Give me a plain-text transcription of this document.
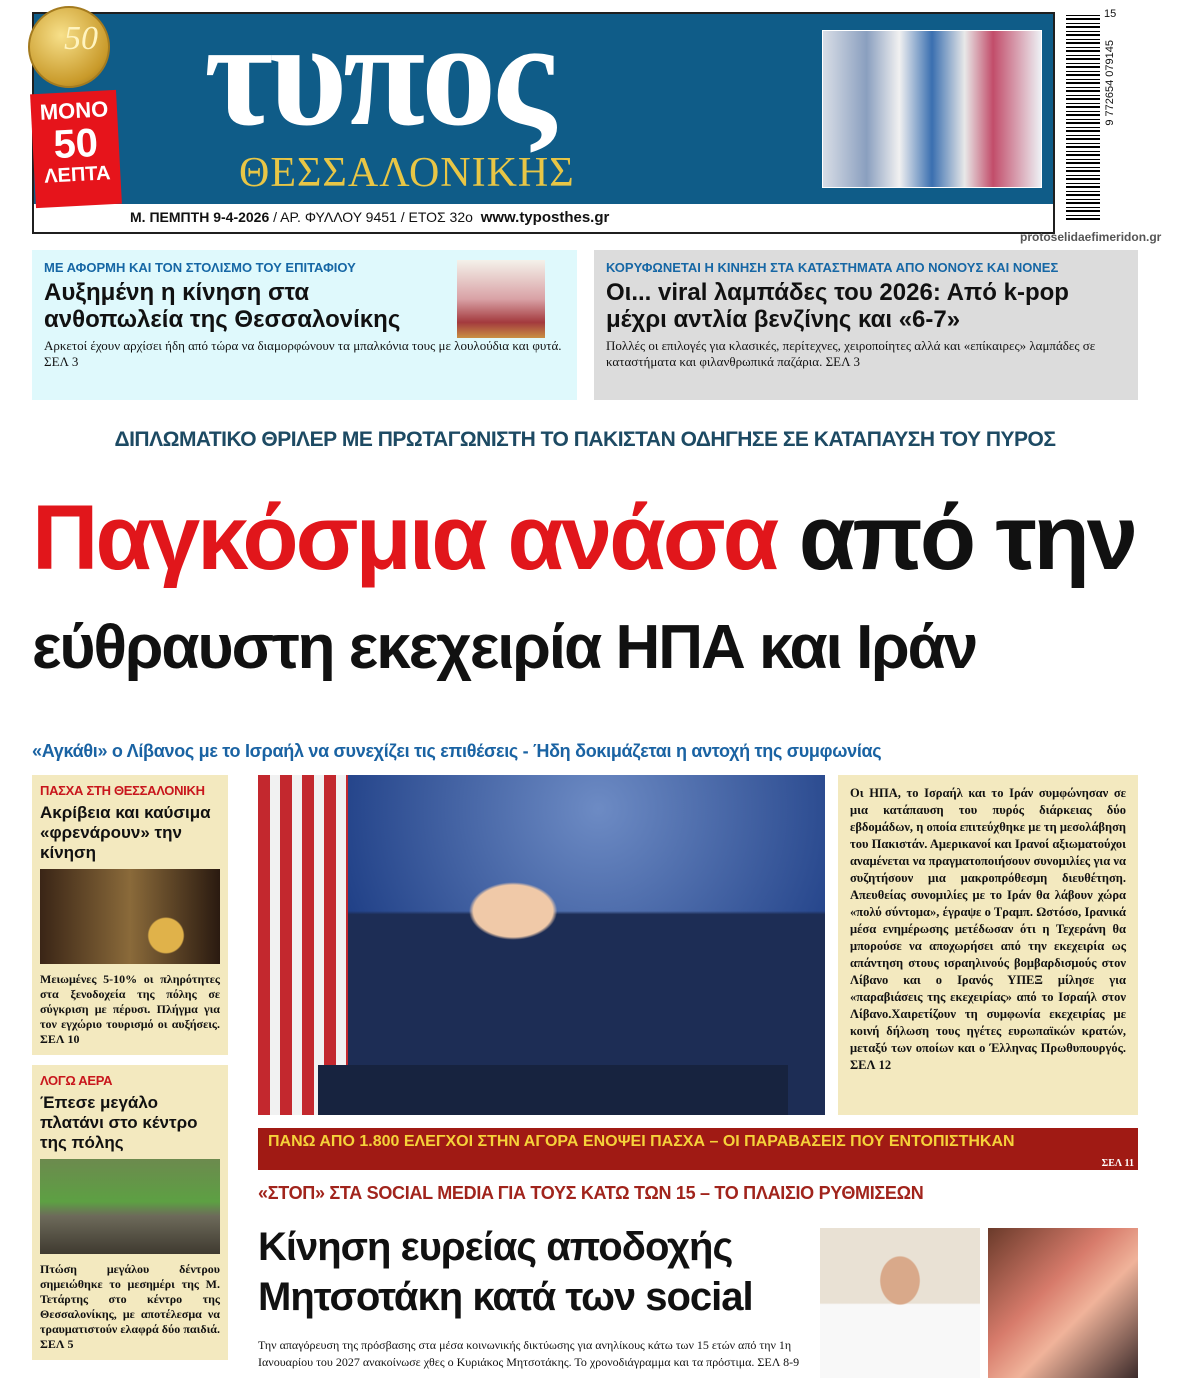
τυπος
ΘΕΣΣΑΛΟΝΙΚΗΣ
ΜΟΝΟ
50
ΛΕΠΤΑ
50
Μ. ΠΕΜΠΤΗ 9-4-2026 / ΑΡ. ΦΥΛΛΟΥ 9451 / ΕΤΟΣ 32ο www.typosthes.gr
9 772654 079145
15
protoselidaefimeridon.gr
ΜΕ ΑΦΟΡΜΗ ΚΑΙ ΤΟΝ ΣΤΟΛΙΣΜΟ ΤΟΥ ΕΠΙΤΑΦΙΟΥ
Αυξημένη η κίνηση στα ανθοπωλεία της Θεσσαλονίκης
Αρκετοί έχουν αρχίσει ήδη από τώρα να διαμορφώνουν τα μπαλκόνια τους με λουλούδια και φυτά. ΣΕΛ 3
ΚΟΡΥΦΩΝΕΤΑΙ Η ΚΙΝΗΣΗ ΣΤΑ ΚΑΤΑΣΤΗΜΑΤΑ ΑΠΟ ΝΟΝΟΥΣ ΚΑΙ ΝΟΝΕΣ
Οι... viral λαμπάδες του 2026: Από k-pop μέχρι αντλία βενζίνης και «6-7»
Πολλές οι επιλογές για κλασικές, περίτεχνες, χειροποίητες αλλά και «επίκαιρες» λαμπάδες σε καταστήματα και φιλανθρωπικά παζάρια. ΣΕΛ 3
ΔΙΠΛΩΜΑΤΙΚΟ ΘΡΙΛΕΡ ΜΕ ΠΡΩΤΑΓΩΝΙΣΤΗ ΤΟ ΠΑΚΙΣΤΑΝ ΟΔΗΓΗΣΕ ΣΕ ΚΑΤΑΠΑΥΣΗ ΤΟΥ ΠΥΡΟΣ
Παγκόσμια ανάσα από την
εύθραυστη εκεχειρία ΗΠΑ και Ιράν
«Αγκάθι» ο Λίβανος με το Ισραήλ να συνεχίζει τις επιθέσεις - Ήδη δοκιμάζεται η αντοχή της συμφωνίας
ΠΑΣΧΑ ΣΤΗ ΘΕΣΣΑΛΟΝΙΚΗ
Ακρίβεια και καύσιμα «φρενάρουν» την κίνηση
Μειωμένες 5-10% οι πληρότητες στα ξενοδοχεία της πόλης σε σύγκριση με πέρυσι. Πλήγμα για τον εγχώριο τουρισμό οι αυξήσεις. ΣΕΛ 10
ΛΟΓΩ ΑΕΡΑ
Έπεσε μεγάλο πλατάνι στο κέντρο της πόλης
Πτώση μεγάλου δέντρου σημειώθηκε το μεσημέρι της Μ. Τετάρτης στο κέντρο της Θεσσαλονίκης, με αποτέλεσμα να τραυματιστούν ελαφρά δύο παιδιά. ΣΕΛ 5
Οι ΗΠΑ, το Ισραήλ και το Ιράν συμφώνησαν σε μια κατάπαυση του πυρός διάρκειας δύο εβδομάδων, η οποία επιτεύχθηκε με τη μεσολάβηση του Πακιστάν. Αμερικανοί και Ιρανοί αξιωματούχοι αναμένεται να πραγματοποιήσουν συνομιλίες για να συζητήσουν μια μακροπρόθεσμη διευθέτηση. Απευθείας συνομιλίες με το Ιράν θα λάβουν χώρα «πολύ σύντομα», έγραψε ο Τραμπ. Ωστόσο, Ιρανικά μέσα ενημέρωσης μετέδωσαν ότι η Τεχεράνη θα μπορούσε να αποχωρήσει από την εκεχειρία ως απάντηση στους ισραηλινούς βομβαρδισμούς στον Λίβανο και ο Ιρανός ΥΠΕΞ μίλησε για «παραβιάσεις της εκεχειρίας» από το Ισραήλ στον Λίβανο.Χαιρετίζουν τη συμφωνία εκεχειρίας με κοινή δήλωση τους ηγέτες ευρωπαϊκών κρατών, μεταξύ των οποίων και ο Έλληνας Πρωθυπουργός. ΣΕΛ 12
ΠΑΝΩ ΑΠΟ 1.800 ΕΛΕΓΧΟΙ ΣΤΗΝ ΑΓΟΡΑ ΕΝΟΨΕΙ ΠΑΣΧΑ – ΟΙ ΠΑΡΑΒΑΣΕΙΣ ΠΟΥ ΕΝΤΟΠΙΣΤΗΚΑΝ
ΣΕΛ 11
«ΣΤΟΠ» ΣΤΑ SOCIAL MEDIA ΓΙΑ ΤΟΥΣ ΚΑΤΩ ΤΩΝ 15 – ΤΟ ΠΛΑΙΣΙΟ ΡΥΘΜΙΣΕΩΝ
Κίνηση ευρείας αποδοχής
Μητσοτάκη κατά των social
Την απαγόρευση της πρόσβασης στα μέσα κοινωνικής δικτύωσης για ανηλίκους κάτω των 15 ετών από την 1η Ιανουαρίου του 2027 ανακοίνωσε χθες ο Κυριάκος Μητσοτάκης. Το χρονοδιάγραμμα και τα πρόστιμα. ΣΕΛ 8-9
